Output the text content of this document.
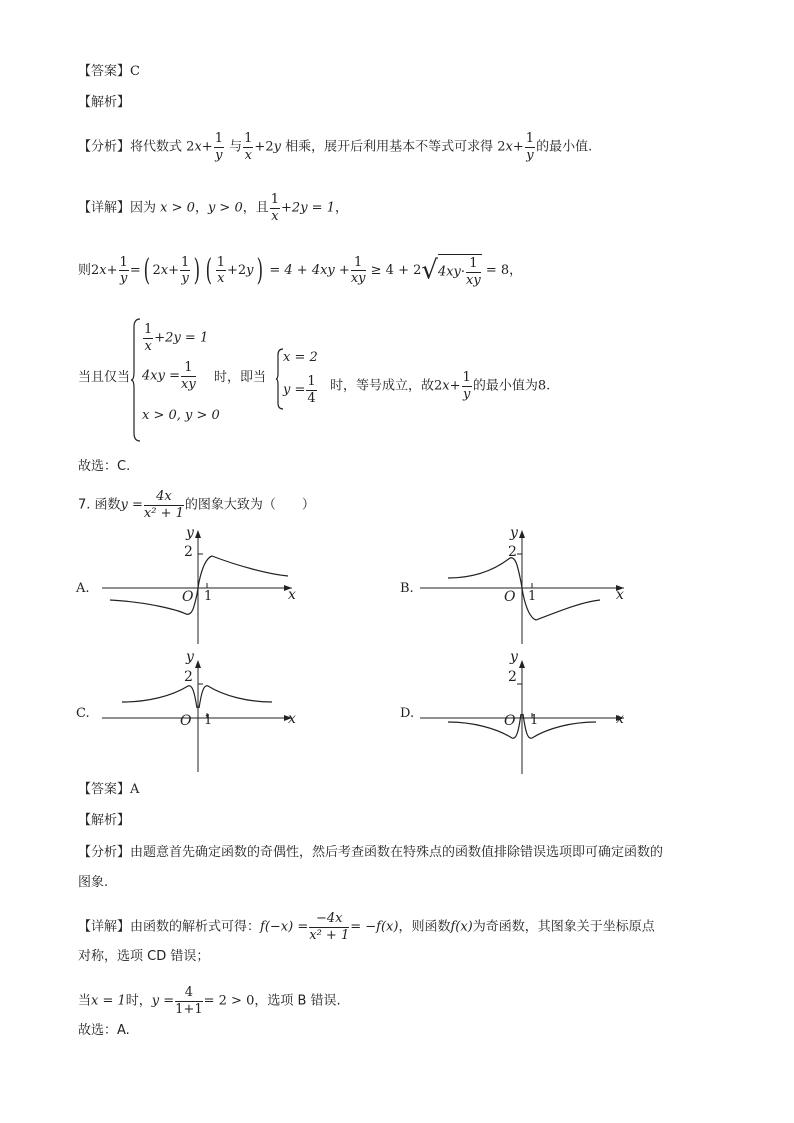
【答案】C
【解析】
【分析】将代数式 $2x+ \frac{1}{y}$ 与 $\frac{1}{x} +2y$ 相乘，展开后利用基本不等式可求得 $2x+ \frac{1}{y}$ 的最小值.
【详解】因为 x > 0，y > 0，且 $\frac{1}{x} +2y = 1$，
则$2x+ \frac{1}{y}$ =( $2x+ \frac{1}{y}$ ) ( $\frac{1}{x} +2y) = 4 + 4xy + \frac{1}{xy} \ge 4 + 2√4xy\cdot \frac{1}{xy} = 8$，
当且仅当
$\frac{1}{x} +2y = 1$
$4xy = \frac{1}{xy}$
x > 0, y > 0
时，即当
x = 2
$y = \frac{1}{4}$ 时，等号成立，故$2x+ \frac{1}{y}$ 的最小值为8.
故选：C.
7. 函数$y = \frac{4x}{\text{x² + 1}}$ 的图象大致为（　　）
A.
y
2
O 1	x	B.
y
2
O 1	x
C.
y
2
O 1	x	D.
y
2
O 1	x
【答案】A
【解析】
【分析】由题意首先确定函数的奇偶性，然后考查函数在特殊点的函数值排除错误选项即可确定函数的
图象.
【详解】由函数的解析式可得：$f(-x) = \frac{-4x}{\text{x² + 1}} = -f(x)$，则函数f(x)为奇函数，其图象关于坐标原点
对称，选项 CD 错误；
当x = 1时，$y = \frac{4}{1+1} = 2 > 0$，选项 B 错误.
故选：A.
